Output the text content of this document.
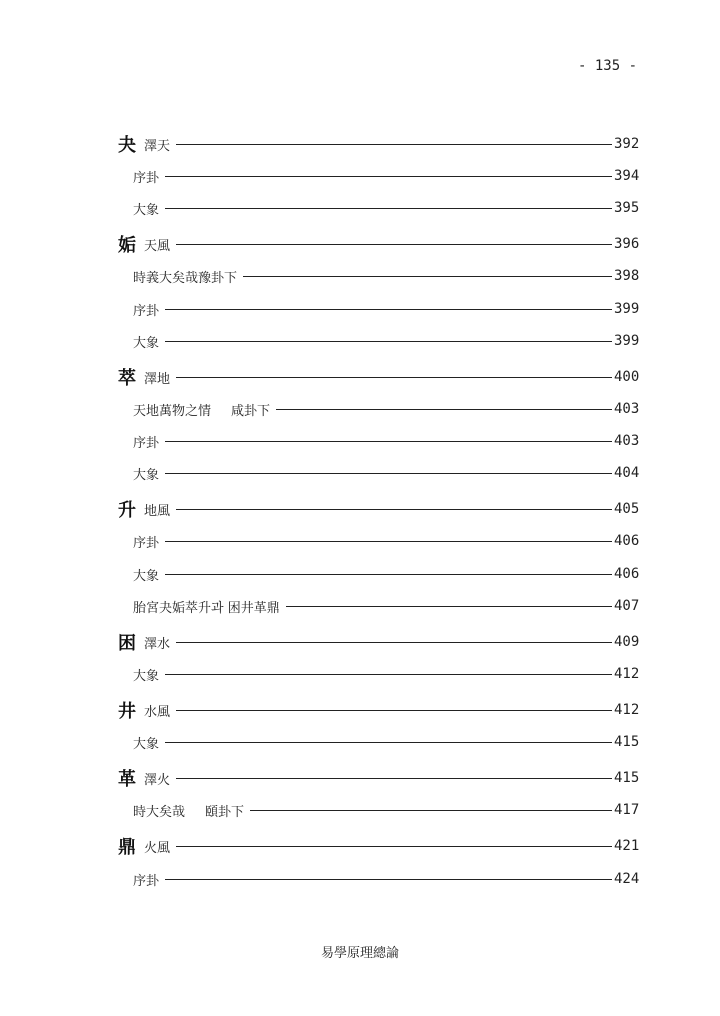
- 135 -
夬 澤天	392
序卦	394
大象	395
姤 天風	396
時義大矣哉豫卦下	398
序卦	399
大象	399
萃 澤地	400
天地萬物之情 咸卦下	403
序卦	403
大象	404
升 地風	405
序卦	406
大象	406
胎宮夬姤萃升과 困井革鼎	407
困 澤水	409
大象	412
井 水風	412
大象	415
革 澤火	415
時大矣哉 頤卦下	417
鼎 火風	421
序卦	424
易學原理總論
